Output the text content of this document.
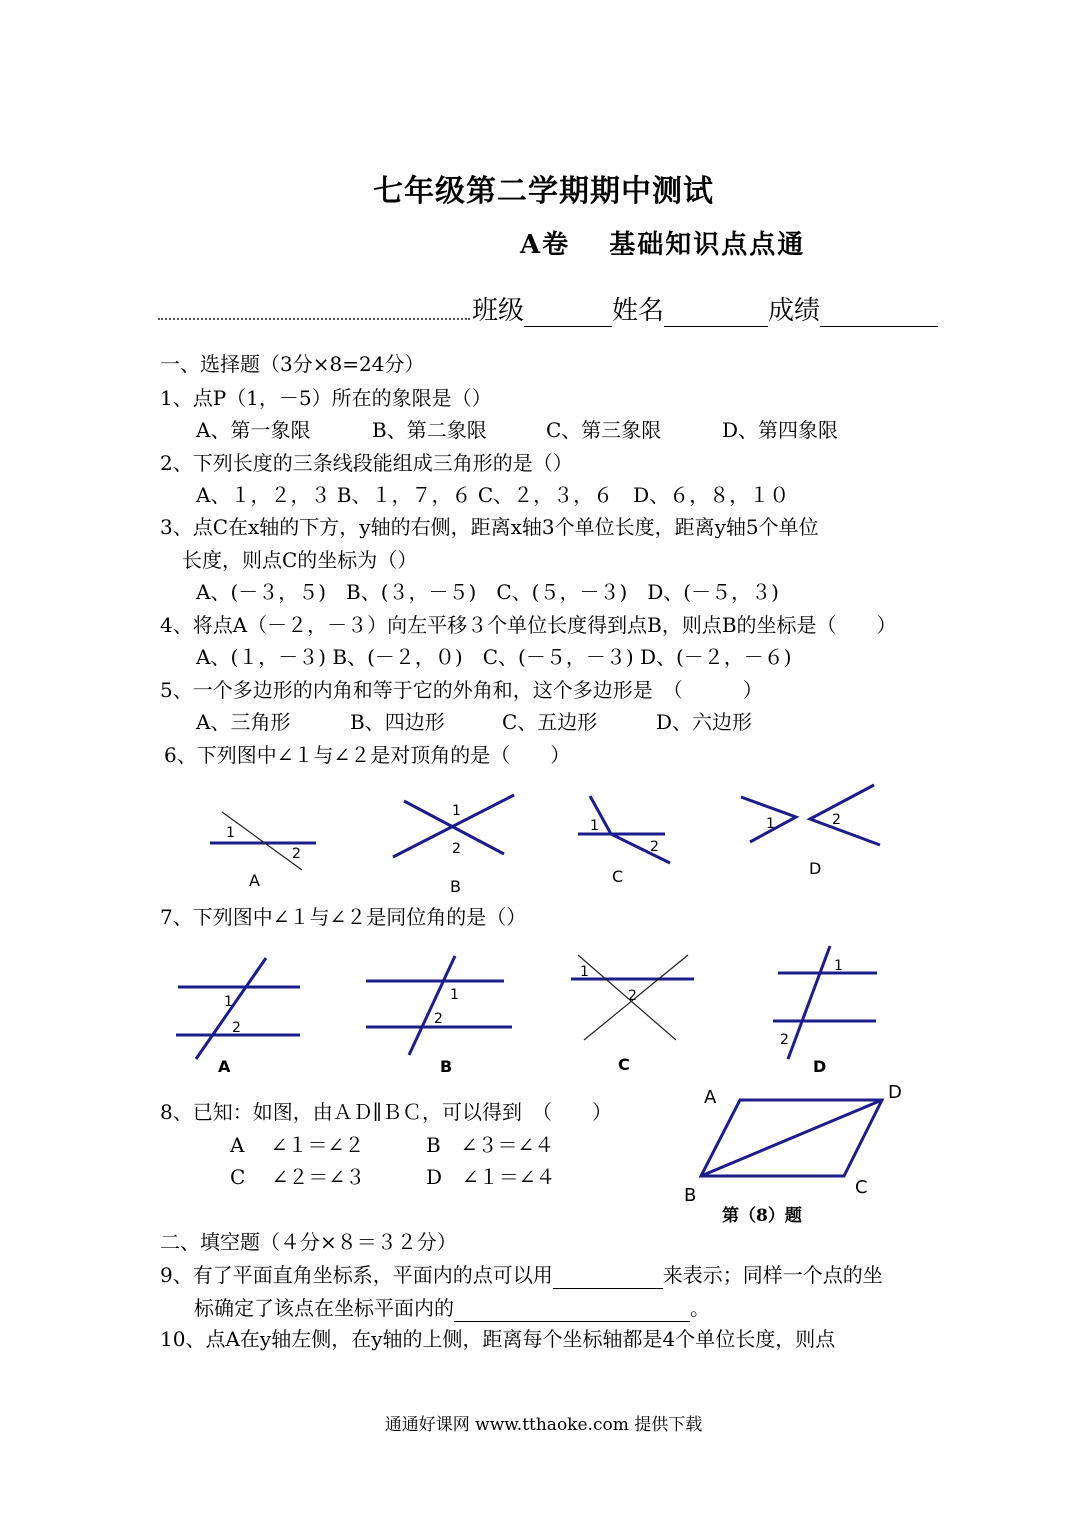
七年级第二学期期中测试
A卷　 基础知识点点通
班级	姓名	成绩
一、选择题（3分×8=24分）
1、点P（1，－5）所在的象限是（）
A、第一象限	B、第二象限	C、第三象限	D、第四象限
2、下列长度的三条线段能组成三角形的是（）
A、１，２，３ B、１，７，６ C、２，３，６　D、６，８，１０
3、点C在x轴的下方，y轴的右侧，距离x轴3个单位长度，距离y轴5个单位
长度，则点C的坐标为（）
A、(－３，５)　B、(３，－５)　C、(５，－３)　D、(－５，３)
4、将点A（－２，－３）向左平移３个单位长度得到点B，则点B的坐标是（　　）
A、(１，－３) B、(－２，０)　C、(－５，－３) D、(－２，－６)
5、一个多边形的内角和等于它的外角和，这个多边形是　（　　　）
A、三角形	B、四边形	C、五边形	D、六边形
6、下列图中∠１与∠２是对顶角的是（　　）
1
2
A
1
2
B
1
2
C
1	2
D
1
2
A
1
2
B
1
2
C
1
2
D
A	D
B	C
7、下列图中∠１与∠２是同位角的是（）
8、已知：如图，由ＡＤ∥ＢＣ，可以得到　（　　）
A　 ∠１＝∠２	B　∠３＝∠４
C　 ∠２＝∠３	D　∠１＝∠４
第（8）题
二、填空题（４分×８＝３２分）
9、有了平面直角坐标系，平面内的点可以用	来表示；同样一个点的坐
标确定了该点在坐标平面内的	。
10、点A在y轴左侧，在y轴的上侧，距离每个坐标轴都是4个单位长度，则点
通通好课网 www.tthaoke.com 提供下载
